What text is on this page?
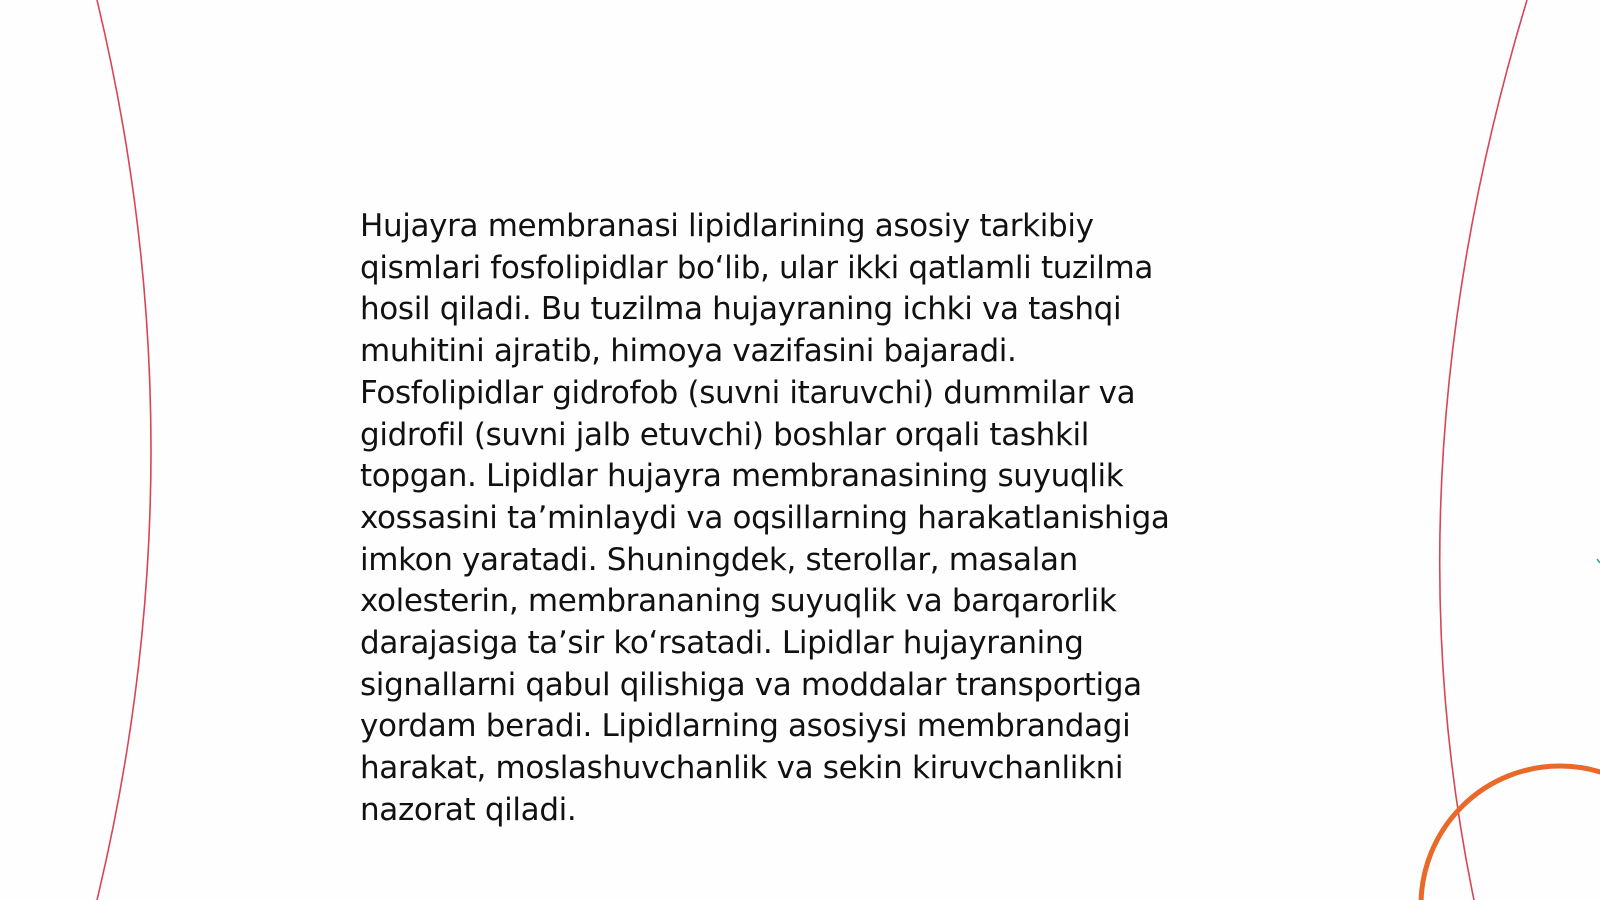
Hujayra membranasi lipidlarining asosiy tarkibiy
qismlari fosfolipidlar bo‘lib, ular ikki qatlamli tuzilma
hosil qiladi. Bu tuzilma hujayraning ichki va tashqi
muhitini ajratib, himoya vazifasini bajaradi.
Fosfolipidlar gidrofob (suvni itaruvchi) dummilar va
gidrofil (suvni jalb etuvchi) boshlar orqali tashkil
topgan. Lipidlar hujayra membranasining suyuqlik
xossasini ta’minlaydi va oqsillarning harakatlanishiga
imkon yaratadi. Shuningdek, sterollar, masalan
xolesterin, membrananing suyuqlik va barqarorlik
darajasiga ta’sir ko‘rsatadi. Lipidlar hujayraning
signallarni qabul qilishiga va moddalar transportiga
yordam beradi. Lipidlarning asosiysi membrandagi
harakat, moslashuvchanlik va sekin kiruvchanlikni
nazorat qiladi.
